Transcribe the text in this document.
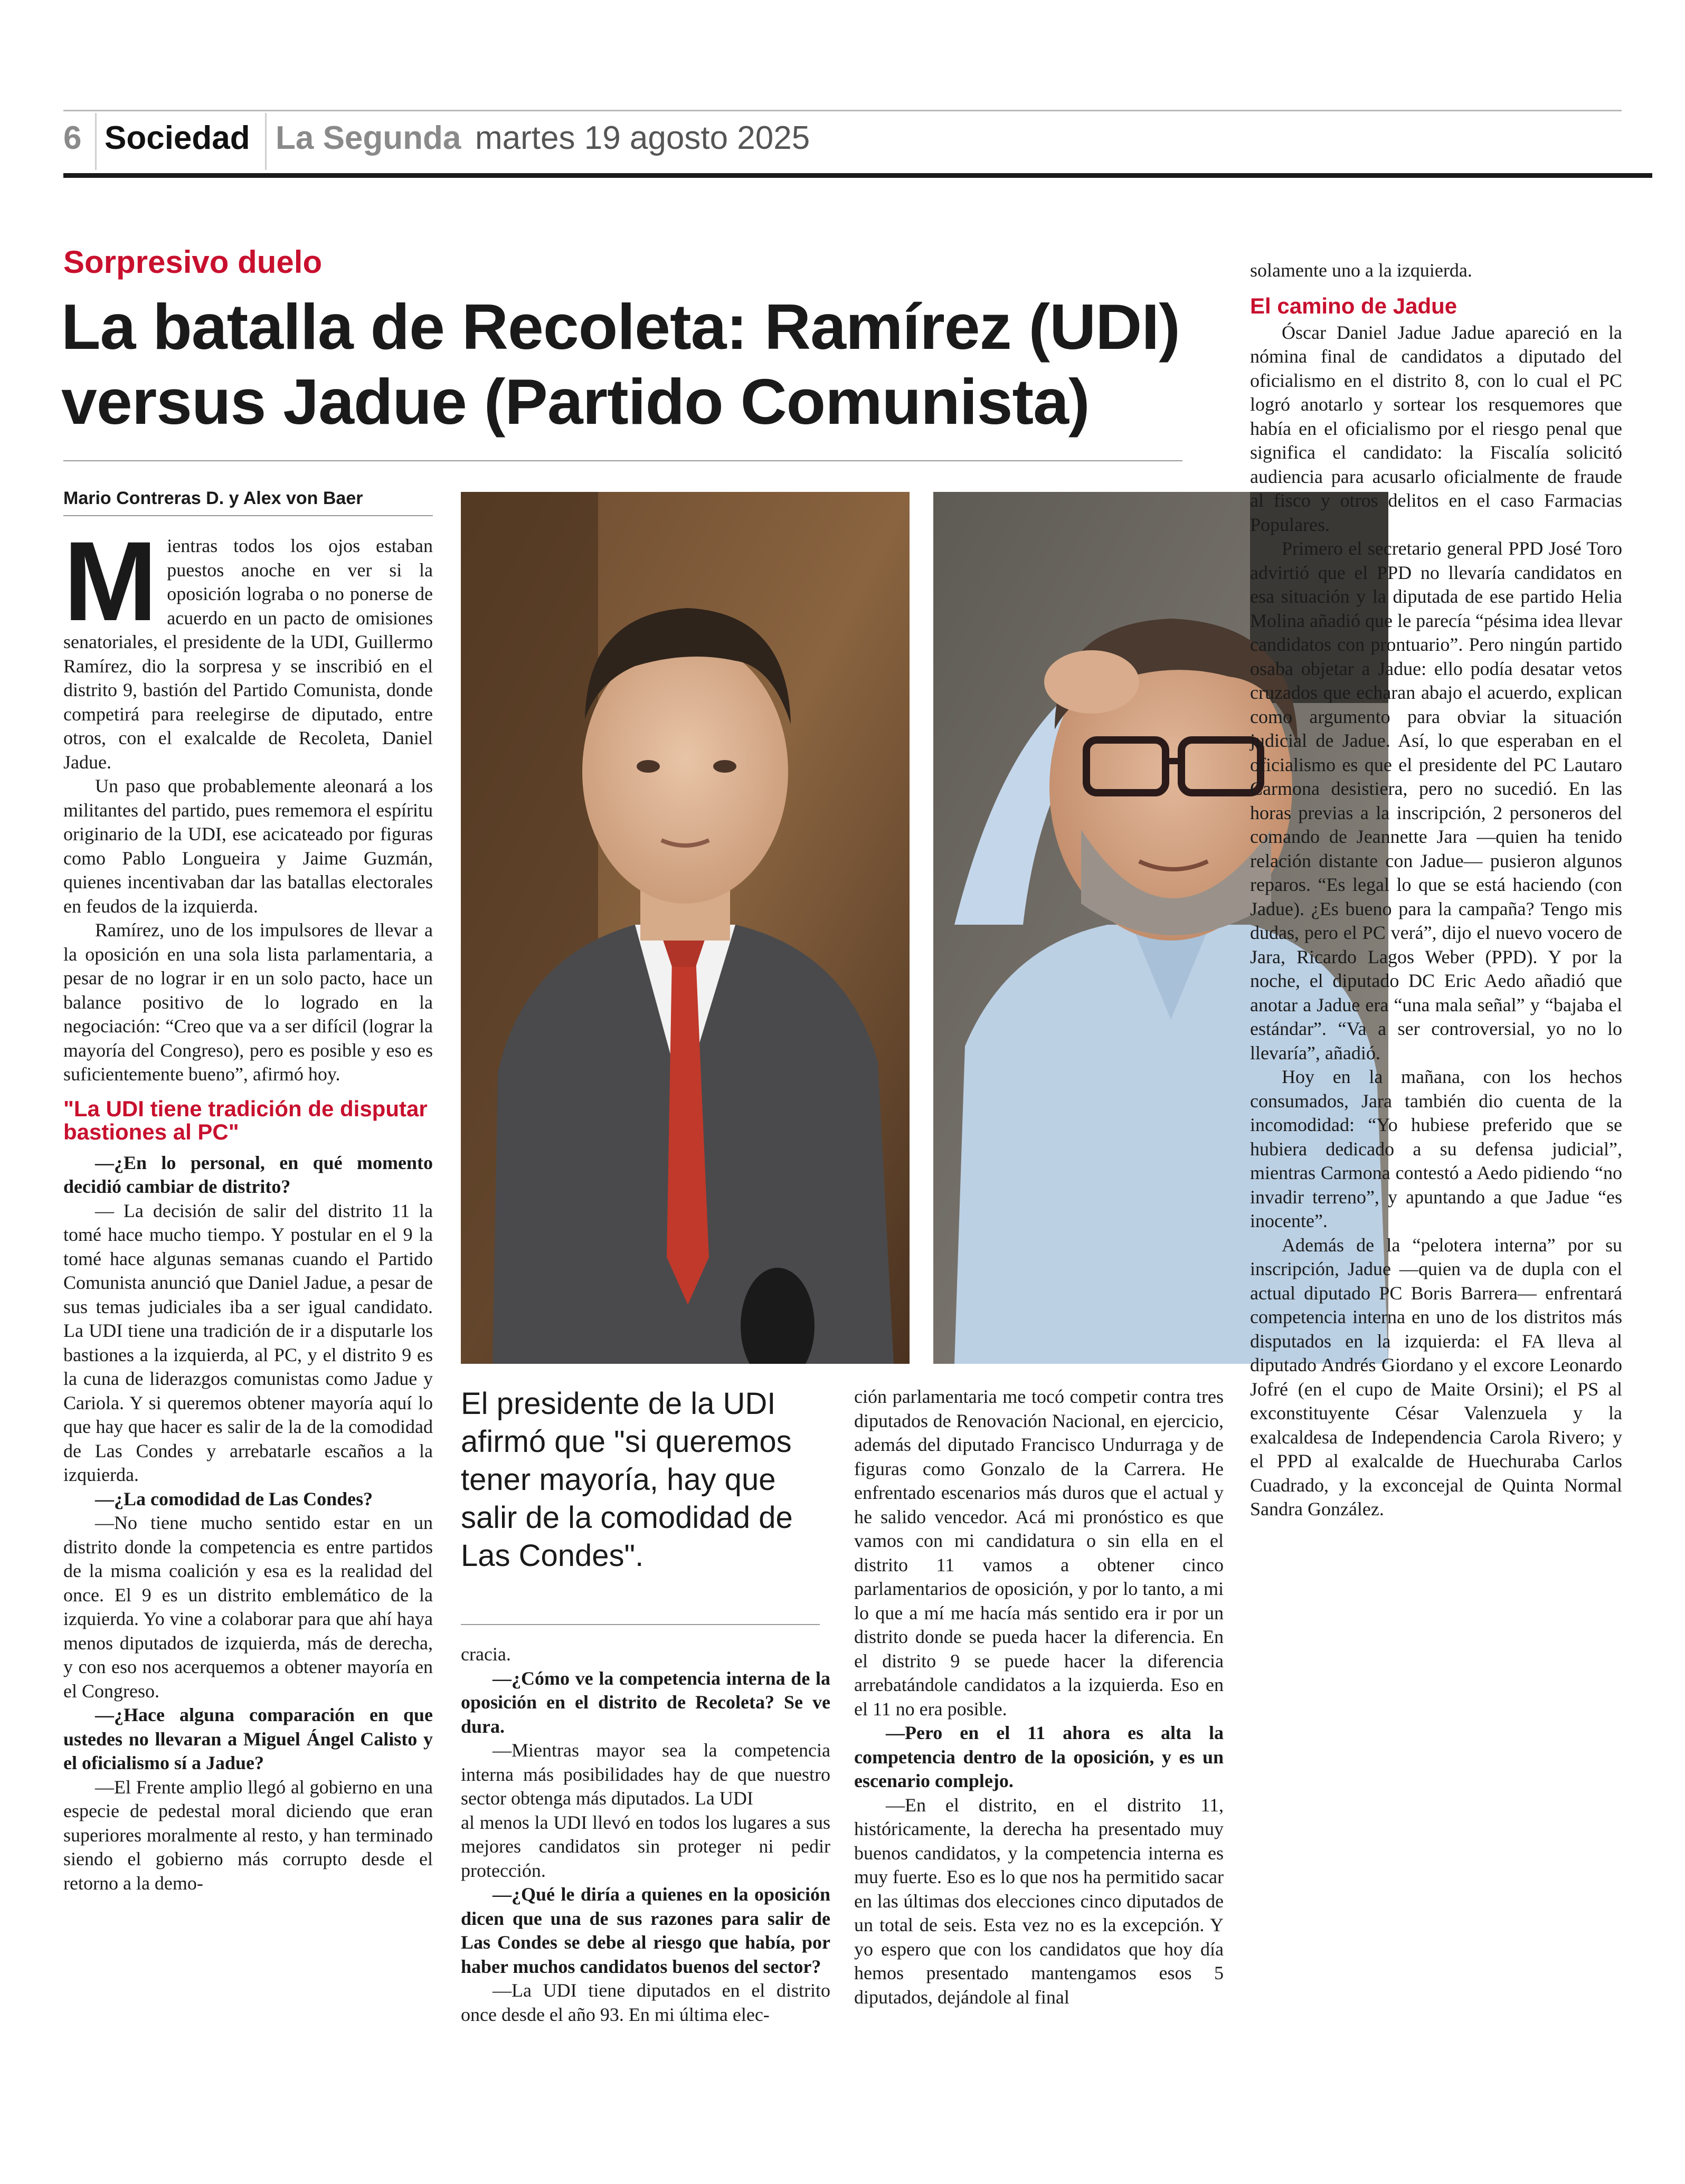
6 Sociedad La Segunda martes 19 agosto 2025
Sorpresivo duelo
La batalla de Recoleta: Ramírez (UDI)
versus Jadue (Partido Comunista)
Mario Contreras D. y Alex von Baer
M ientras todos los ojos estaban puestos anoche en ver si la oposición lograba o no ponerse de acuerdo en un pacto de omisiones senatoriales, el presidente de la UDI, Guillermo Ramírez, dio la sorpresa y se inscribió en el distrito 9, bastión del Partido Comunista, donde competirá para reelegirse de diputado, entre otros, con el exalcalde de Recoleta, Daniel Jadue.

Un paso que probablemente aleonará a los militantes del partido, pues rememora el espíritu originario de la UDI, ese acicateado por figuras como Pablo Longueira y Jaime Guzmán, quienes incentivaban dar las batallas electorales en feudos de la izquierda.

Ramírez, uno de los impulsores de llevar a la oposición en una sola lista parlamentaria, a pesar de no lograr ir en un solo pacto, hace un balance positivo de lo logrado en la negociación: “Creo que va a ser difícil (lograr la mayoría del Congreso), pero es posible y eso es suficientemente bueno”, afirmó hoy.

"La UDI tiene tradición de disputar bastiones al PC"

—¿En lo personal, en qué momento decidió cambiar de distrito?

— La decisión de salir del distrito 11 la tomé hace mucho tiempo. Y postular en el 9 la tomé hace algunas semanas cuando el Partido Comunista anunció que Daniel Jadue, a pesar de sus temas judiciales iba a ser igual candidato. La UDI tiene una tradición de ir a disputarle los bastiones a la izquierda, al PC, y el distrito 9 es la cuna de liderazgos comunistas como Jadue y Cariola. Y si queremos obtener mayoría aquí lo que hay que hacer es salir de la de la comodidad de Las Condes y arrebatarle escaños a la izquierda.

—¿La comodidad de Las Condes?

—No tiene mucho sentido estar en un distrito donde la competencia es entre partidos de la misma coalición y esa es la realidad del once. El 9 es un distrito emblemático de la izquierda. Yo vine a colaborar para que ahí haya menos diputados de izquierda, más de derecha, y con eso nos acerquemos a obtener mayoría en el Congreso.

—¿Hace alguna comparación en que ustedes no llevaran a Miguel Ángel Calisto y el oficialismo sí a Jadue?

—El Frente amplio llegó al gobierno en una especie de pedestal moral diciendo que eran superiores moralmente al resto, y han terminado siendo el gobierno más corrupto desde el retorno a la demo-

El presidente de la UDI afirmó que "si queremos tener mayoría, hay que salir de la comodidad de Las Condes".

cracia.

—¿Cómo ve la competencia interna de la oposición en el distrito de Recoleta? Se ve dura.

—Mientras mayor sea la competencia interna más posibilidades hay de que nuestro sector obtenga más diputados. La UDI

al menos la UDI llevó en todos los lugares a sus mejores candidatos sin proteger ni pedir protección.

—¿Qué le diría a quienes en la oposición dicen que una de sus razones para salir de Las Condes se debe al riesgo que había, por haber muchos candidatos buenos del sector?

—La UDI tiene diputados en el distrito once desde el año 93. En mi última elec-

ción parlamentaria me tocó competir contra tres diputados de Renovación Nacional, en ejercicio, además del diputado Francisco Undurraga y de figuras como Gonzalo de la Carrera. He enfrentado escenarios más duros que el actual y he salido vencedor. Acá mi pronóstico es que vamos con mi candidatura o sin ella en el distrito 11 vamos a obtener cinco parlamentarios de oposición, y por lo tanto, a mi lo que a mí me hacía más sentido era ir por un distrito donde se pueda hacer la diferencia. En el distrito 9 se puede hacer la diferencia arrebatándole candidatos a la izquierda. Eso en el 11 no era posible.

—Pero en el 11 ahora es alta la competencia dentro de la oposición, y es un escenario complejo.

—En el distrito, en el distrito 11, históricamente, la derecha ha presentado muy buenos candidatos, y la competencia interna es muy fuerte. Eso es lo que nos ha permitido sacar en las últimas dos elecciones cinco diputados de un total de seis. Esta vez no es la excepción. Y yo espero que con los candidatos que hoy día hemos presentado mantengamos esos 5 diputados, dejándole al final

solamente uno a la izquierda.

El camino de Jadue

Óscar Daniel Jadue Jadue apareció en la nómina final de candidatos a diputado del oficialismo en el distrito 8, con lo cual el PC logró anotarlo y sortear los resquemores que había en el oficialismo por el riesgo penal que significa el candidato: la Fiscalía solicitó audiencia para acusarlo oficialmente de fraude al fisco y otros delitos en el caso Farmacias Populares.

Primero el secretario general PPD José Toro advirtió que el PPD no llevaría candidatos en esa situación y la diputada de ese partido Helia Molina añadió que le parecía “pésima idea llevar candidatos con prontuario”. Pero ningún partido osaba objetar a Jadue: ello podía desatar vetos cruzados que echaran abajo el acuerdo, explican como argumento para obviar la situación judicial de Jadue. Así, lo que esperaban en el oficialismo es que el presidente del PC Lautaro Carmona desistiera, pero no sucedió. En las horas previas a la inscripción, 2 personeros del comando de Jeannette Jara —quien ha tenido relación distante con Jadue— pusieron algunos reparos. “Es legal lo que se está haciendo (con Jadue). ¿Es bueno para la campaña? Tengo mis dudas, pero el PC verá”, dijo el nuevo vocero de Jara, Ricardo Lagos Weber (PPD). Y por la noche, el diputado DC Eric Aedo añadió que anotar a Jadue era “una mala señal” y “bajaba el estándar”. “Va a ser controversial, yo no lo llevaría”, añadió.

Hoy en la mañana, con los hechos consumados, Jara también dio cuenta de la incomodidad: “Yo hubiese preferido que se hubiera dedicado a su defensa judicial”, mientras Carmona contestó a Aedo pidiendo “no invadir terreno”, y apuntando a que Jadue “es inocente”.

Además de la “pelotera interna” por su inscripción, Jadue —quien va de dupla con el actual diputado PC Boris Barrera— enfrentará competencia interna en uno de los distritos más disputados en la izquierda: el FA lleva al diputado Andrés Giordano y el excore Leonardo Jofré (en el cupo de Maite Orsini); el PS al exconstituyente César Valenzuela y la exalcaldesa de Independencia Carola Rivero; y el PPD al exalcalde de Huechuraba Carlos Cuadrado, y la exconcejal de Quinta Normal Sandra González.
